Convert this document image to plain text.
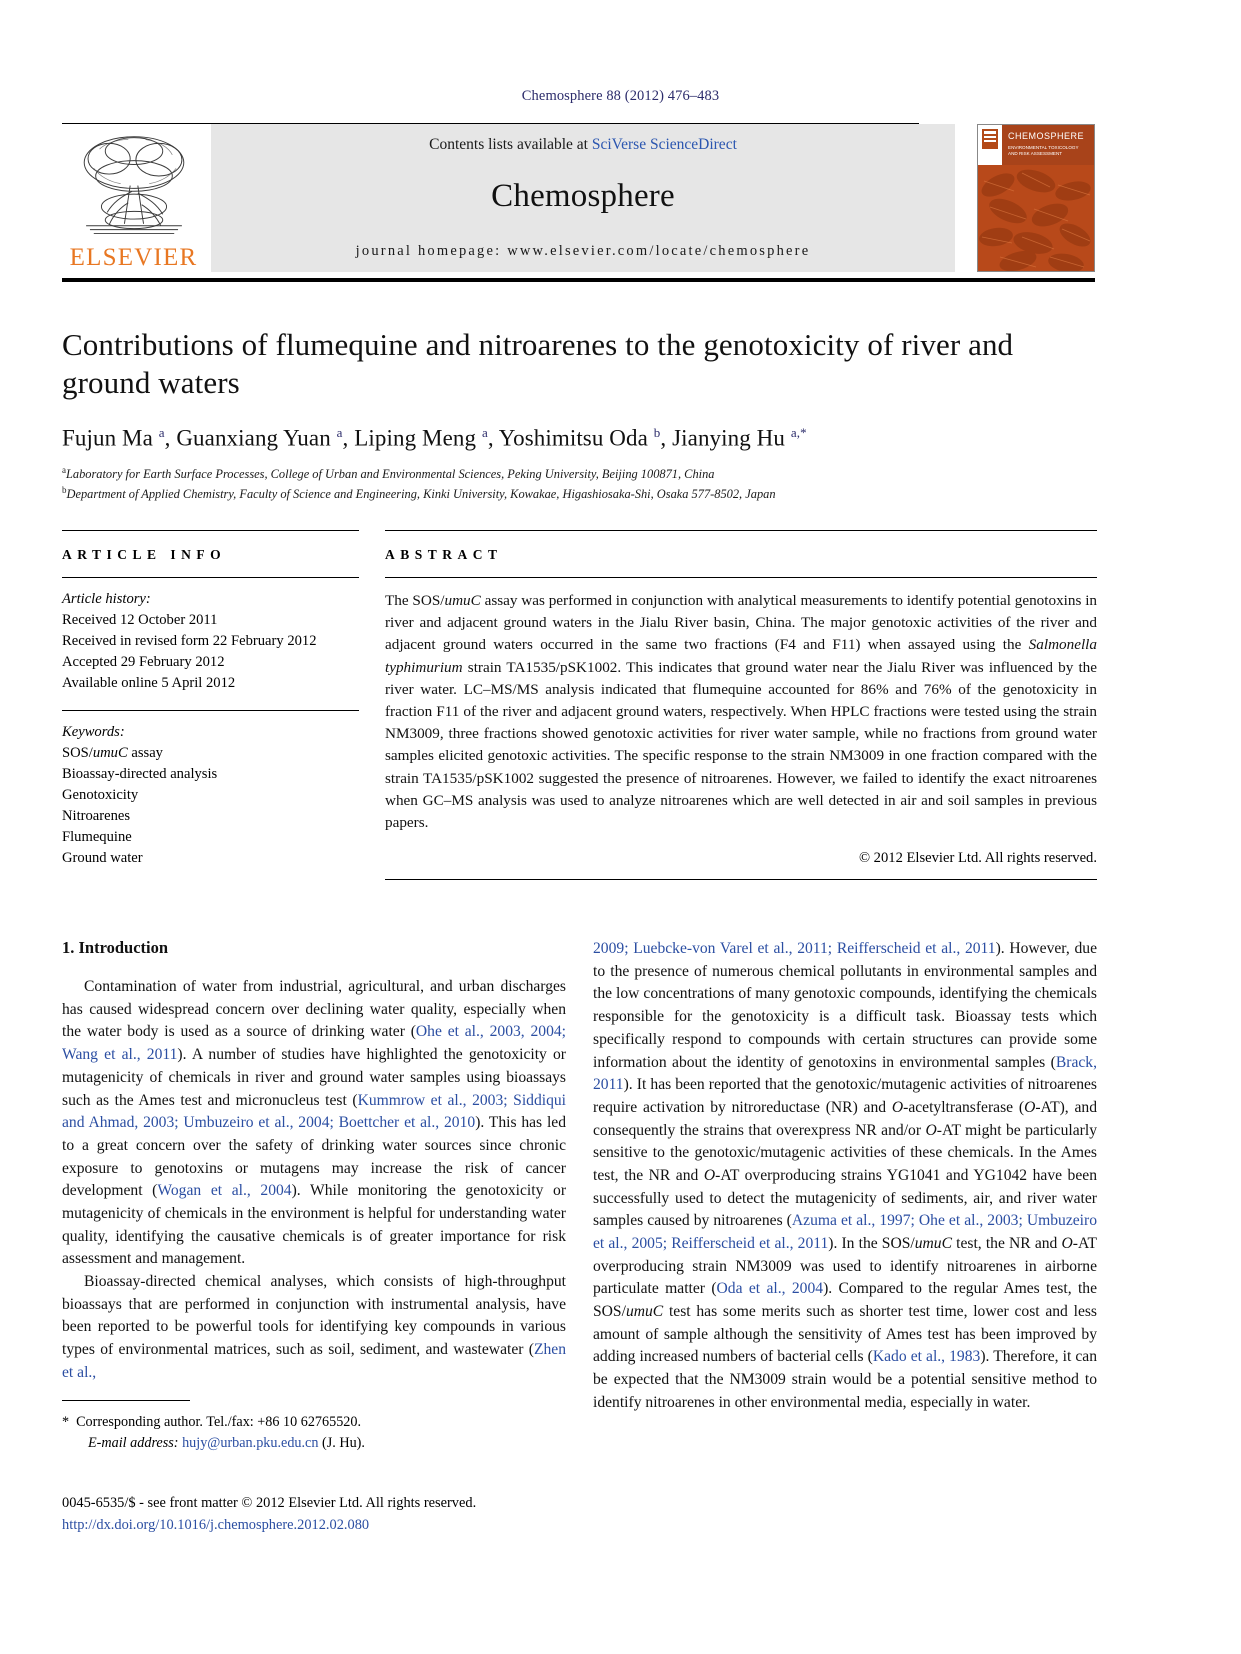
Chemosphere 88 (2012) 476–483
ELSEVIER
Contents lists available at SciVerse ScienceDirect
Chemosphere
journal homepage: www.elsevier.com/locate/chemosphere
CHEMOSPHERE
ENVIRONMENTAL TOXICOLOGY
AND RISK ASSESSMENT
Contributions of flumequine and nitroarenes to the genotoxicity of river and ground waters
Fujun Ma $^a$, Guanxiang Yuan $^a$, Liping Meng $^a$, Yoshimitsu Oda $^b$, Jianying Hu $^{a,*}$
$^a$Laboratory for Earth Surface Processes, College of Urban and Environmental Sciences, Peking University, Beijing 100871, China
$^b$Department of Applied Chemistry, Faculty of Science and Engineering, Kinki University, Kowakae, Higashiosaka-Shi, Osaka 577-8502, Japan
ARTICLE INFO
Article history:
Received 12 October 2011
Received in revised form 22 February 2012
Accepted 29 February 2012
Available online 5 April 2012
Keywords:
SOS/umuC assay
Bioassay-directed analysis
Genotoxicity
Nitroarenes
Flumequine
Ground water
ABSTRACT
The SOS/umuC assay was performed in conjunction with analytical measurements to identify potential genotoxins in river and adjacent ground waters in the Jialu River basin, China. The major genotoxic activities of the river and adjacent ground waters occurred in the same two fractions (F4 and F11) when assayed using the Salmonella typhimurium strain TA1535/pSK1002. This indicates that ground water near the Jialu River was influenced by the river water. LC–MS/MS analysis indicated that flumequine accounted for 86% and 76% of the genotoxicity in fraction F11 of the river and adjacent ground waters, respectively. When HPLC fractions were tested using the strain NM3009, three fractions showed genotoxic activities for river water sample, while no fractions from ground water samples elicited genotoxic activities. The specific response to the strain NM3009 in one fraction compared with the strain TA1535/pSK1002 suggested the presence of nitroarenes. However, we failed to identify the exact nitroarenes when GC–MS analysis was used to analyze nitroarenes which are well detected in air and soil samples in previous papers.
© 2012 Elsevier Ltd. All rights reserved.
1. Introduction
Contamination of water from industrial, agricultural, and urban discharges has caused widespread concern over declining water quality, especially when the water body is used as a source of drinking water (Ohe et al., 2003, 2004; Wang et al., 2011). A number of studies have highlighted the genotoxicity or mutagenicity of chemicals in river and ground water samples using bioassays such as the Ames test and micronucleus test (Kummrow et al., 2003; Siddiqui and Ahmad, 2003; Umbuzeiro et al., 2004; Boettcher et al., 2010). This has led to a great concern over the safety of drinking water sources since chronic exposure to genotoxins or mutagens may increase the risk of cancer development (Wogan et al., 2004). While monitoring the genotoxicity or mutagenicity of chemicals in the environment is helpful for understanding water quality, identifying the causative chemicals is of greater importance for risk assessment and management.
Bioassay-directed chemical analyses, which consists of high-throughput bioassays that are performed in conjunction with instrumental analysis, have been reported to be powerful tools for identifying key compounds in various types of environmental matrices, such as soil, sediment, and wastewater (Zhen et al.,
2009; Luebcke-von Varel et al., 2011; Reifferscheid et al., 2011). However, due to the presence of numerous chemical pollutants in environmental samples and the low concentrations of many genotoxic compounds, identifying the chemicals responsible for the genotoxicity is a difficult task. Bioassay tests which specifically respond to compounds with certain structures can provide some information about the identity of genotoxins in environmental samples (Brack, 2011). It has been reported that the genotoxic/mutagenic activities of nitroarenes require activation by nitroreductase (NR) and O-acetyltransferase (O-AT), and consequently the strains that overexpress NR and/or O-AT might be particularly sensitive to the genotoxic/mutagenic activities of these chemicals. In the Ames test, the NR and O-AT overproducing strains YG1041 and YG1042 have been successfully used to detect the mutagenicity of sediments, air, and river water samples caused by nitroarenes (Azuma et al., 1997; Ohe et al., 2003; Umbuzeiro et al., 2005; Reifferscheid et al., 2011). In the SOS/umuC test, the NR and O-AT overproducing strain NM3009 was used to identify nitroarenes in airborne particulate matter (Oda et al., 2004). Compared to the regular Ames test, the SOS/umuC test has some merits such as shorter test time, lower cost and less amount of sample although the sensitivity of Ames test has been improved by adding increased numbers of bacterial cells (Kado et al., 1983). Therefore, it can be expected that the NM3009 strain would be a potential sensitive method to identify nitroarenes in other environmental media, especially in water.
* Corresponding author. Tel./fax: +86 10 62765520.
E-mail address: hujy@urban.pku.edu.cn (J. Hu).
0045-6535/$ - see front matter © 2012 Elsevier Ltd. All rights reserved.
http://dx.doi.org/10.1016/j.chemosphere.2012.02.080
